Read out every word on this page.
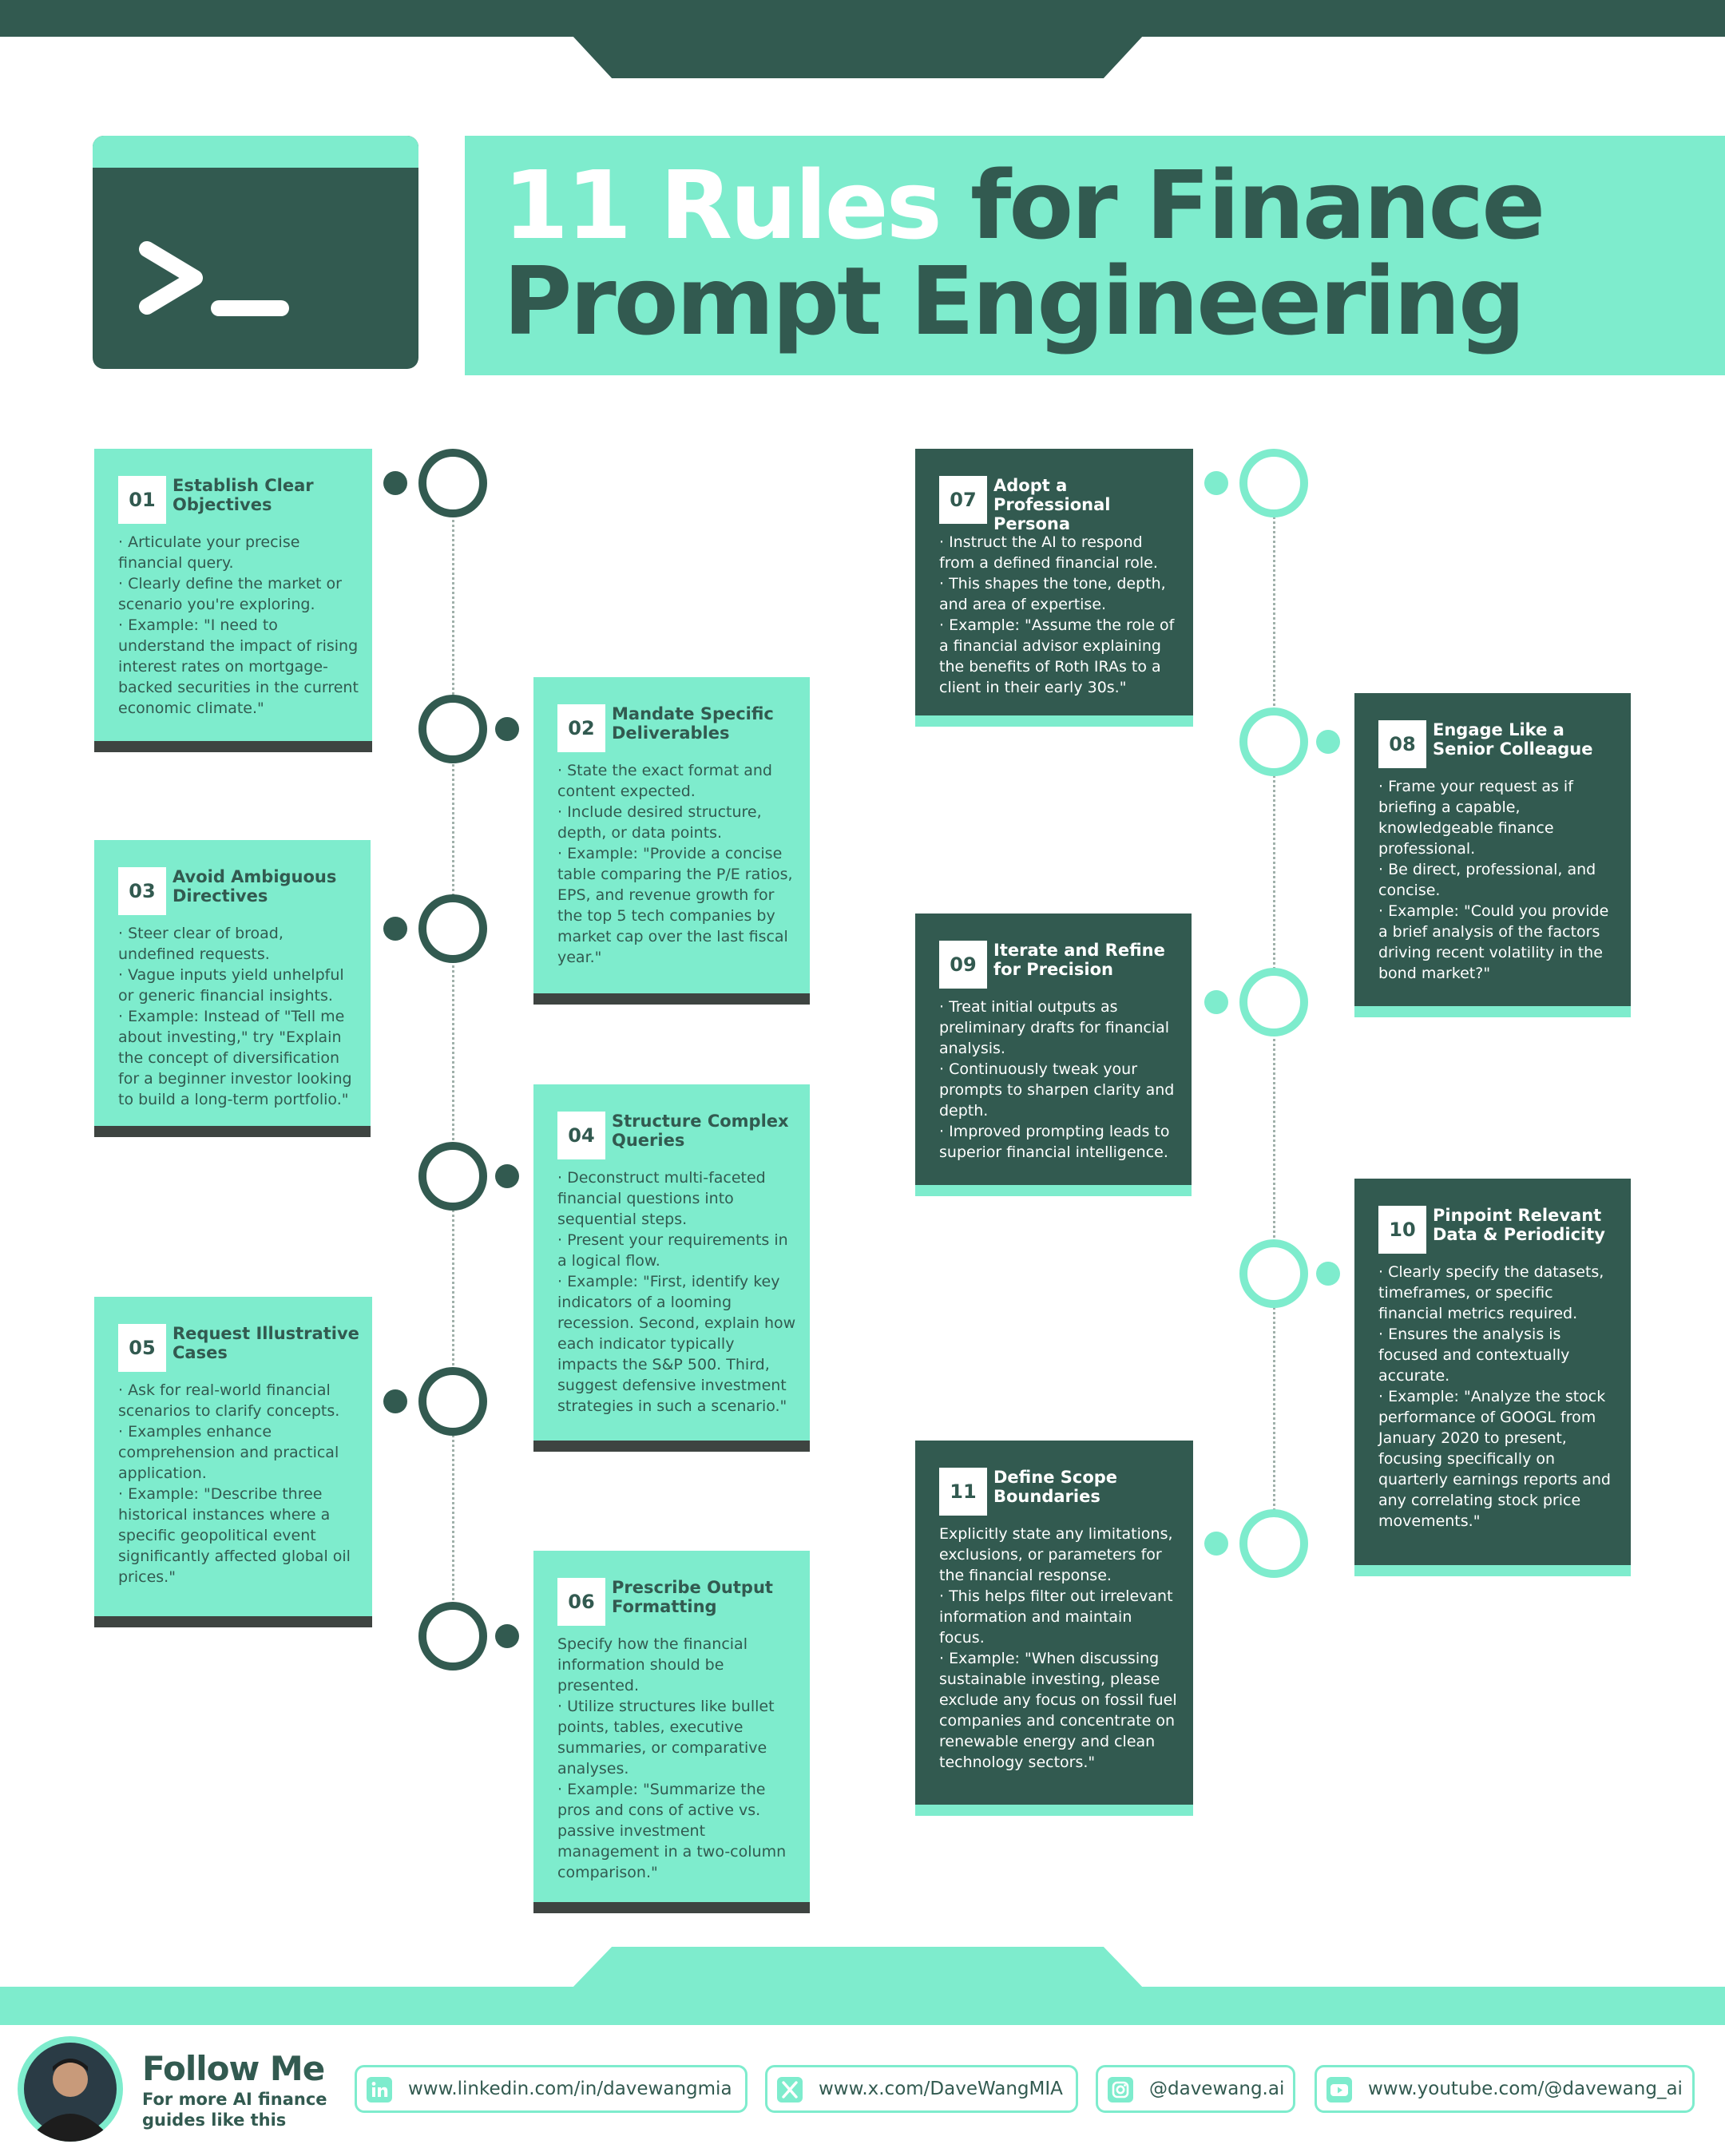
11 Rules for Finance
Prompt Engineering
01
Establish Clear Objectives

· Articulate your precise financial query.

· Clearly define the market or scenario you're exploring.

· Example: "I need to understand the impact of rising interest rates on mortgage-backed securities in the current economic climate."

02
Mandate Specific Deliverables

· State the exact format and content expected.

· Include desired structure, depth, or data points.

· Example: "Provide a concise table comparing the P/E ratios, EPS, and revenue growth for the top 5 tech companies by market cap over the last fiscal year."

03
Avoid Ambiguous Directives

· Steer clear of broad, undefined requests.

· Vague inputs yield unhelpful or generic financial insights.

· Example: Instead of "Tell me about investing," try "Explain the concept of diversification for a beginner investor looking to build a long-term portfolio."

04
Structure Complex Queries

· Deconstruct multi-faceted financial questions into sequential steps.

· Present your requirements in a logical flow.

· Example: "First, identify key indicators of a looming recession. Second, explain how each indicator typically impacts the S&P 500. Third, suggest defensive investment strategies in such a scenario."

05
Request Illustrative Cases

· Ask for real-world financial scenarios to clarify concepts.

· Examples enhance comprehension and practical application.

· Example: "Describe three historical instances where a specific geopolitical event significantly affected global oil prices."

06
Prescribe Output Formatting

Specify how the financial information should be presented.

· Utilize structures like bullet points, tables, executive summaries, or comparative analyses.

· Example: "Summarize the pros and cons of active vs. passive investment management in a two-column comparison."

07
Adopt a Professional Persona

· Instruct the AI to respond from a defined financial role.

· This shapes the tone, depth, and area of expertise.

· Example: "Assume the role of a financial advisor explaining the benefits of Roth IRAs to a client in their early 30s."

08
Engage Like a Senior Colleague

· Frame your request as if briefing a capable, knowledgeable finance professional.

· Be direct, professional, and concise.

· Example: "Could you provide a brief analysis of the factors driving recent volatility in the bond market?"

09
Iterate and Refine for Precision

· Treat initial outputs as preliminary drafts for financial analysis.

· Continuously tweak your prompts to sharpen clarity and depth.

· Improved prompting leads to superior financial intelligence.

10
Pinpoint Relevant Data & Periodicity

· Clearly specify the datasets, timeframes, or specific financial metrics required.

· Ensures the analysis is focused and contextually accurate.

· Example: "Analyze the stock performance of GOOGL from January 2020 to present, focusing specifically on quarterly earnings reports and any correlating stock price movements."

11
Define Scope Boundaries

Explicitly state any limitations, exclusions, or parameters for the financial response.

· This helps filter out irrelevant information and maintain focus.

· Example: "When discussing sustainable investing, please exclude any focus on fossil fuel companies and concentrate on renewable energy and clean technology sectors."

Follow Me
For more AI finance guides like this
www.linkedin.com/in/davewangmia	www.x.com/DaveWangMIA	@davewang.ai	www.youtube.com/@davewang_ai
